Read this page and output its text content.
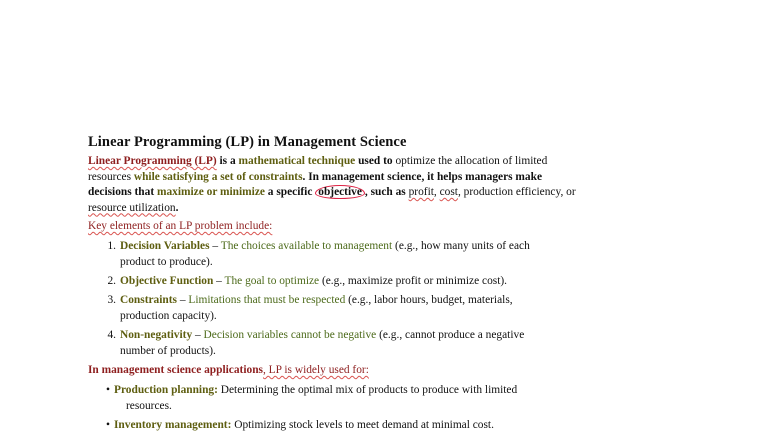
Linear Programming (LP) in Management Science
Linear Programming (LP) is a mathematical technique used to optimize the allocation of limited resources while satisfying a set of constraints. In management science, it helps managers make decisions that maximize or minimize a specific objective , such as profit, cost, production efficiency, or resource utilization.
Key elements of an LP problem include:
1. Decision Variables – The choices available to management (e.g., how many units of each
product to produce).
2. Objective Function – The goal to optimize (e.g., maximize profit or minimize cost).
3. Constraints – Limitations that must be respected (e.g., labor hours, budget, materials,
production capacity).
4. Non-negativity – Decision variables cannot be negative (e.g., cannot produce a negative
number of products).
In management science applications, LP is widely used for:
• Production planning: Determining the optimal mix of products to produce with limited
resources.
• Inventory management: Optimizing stock levels to meet demand at minimal cost.
